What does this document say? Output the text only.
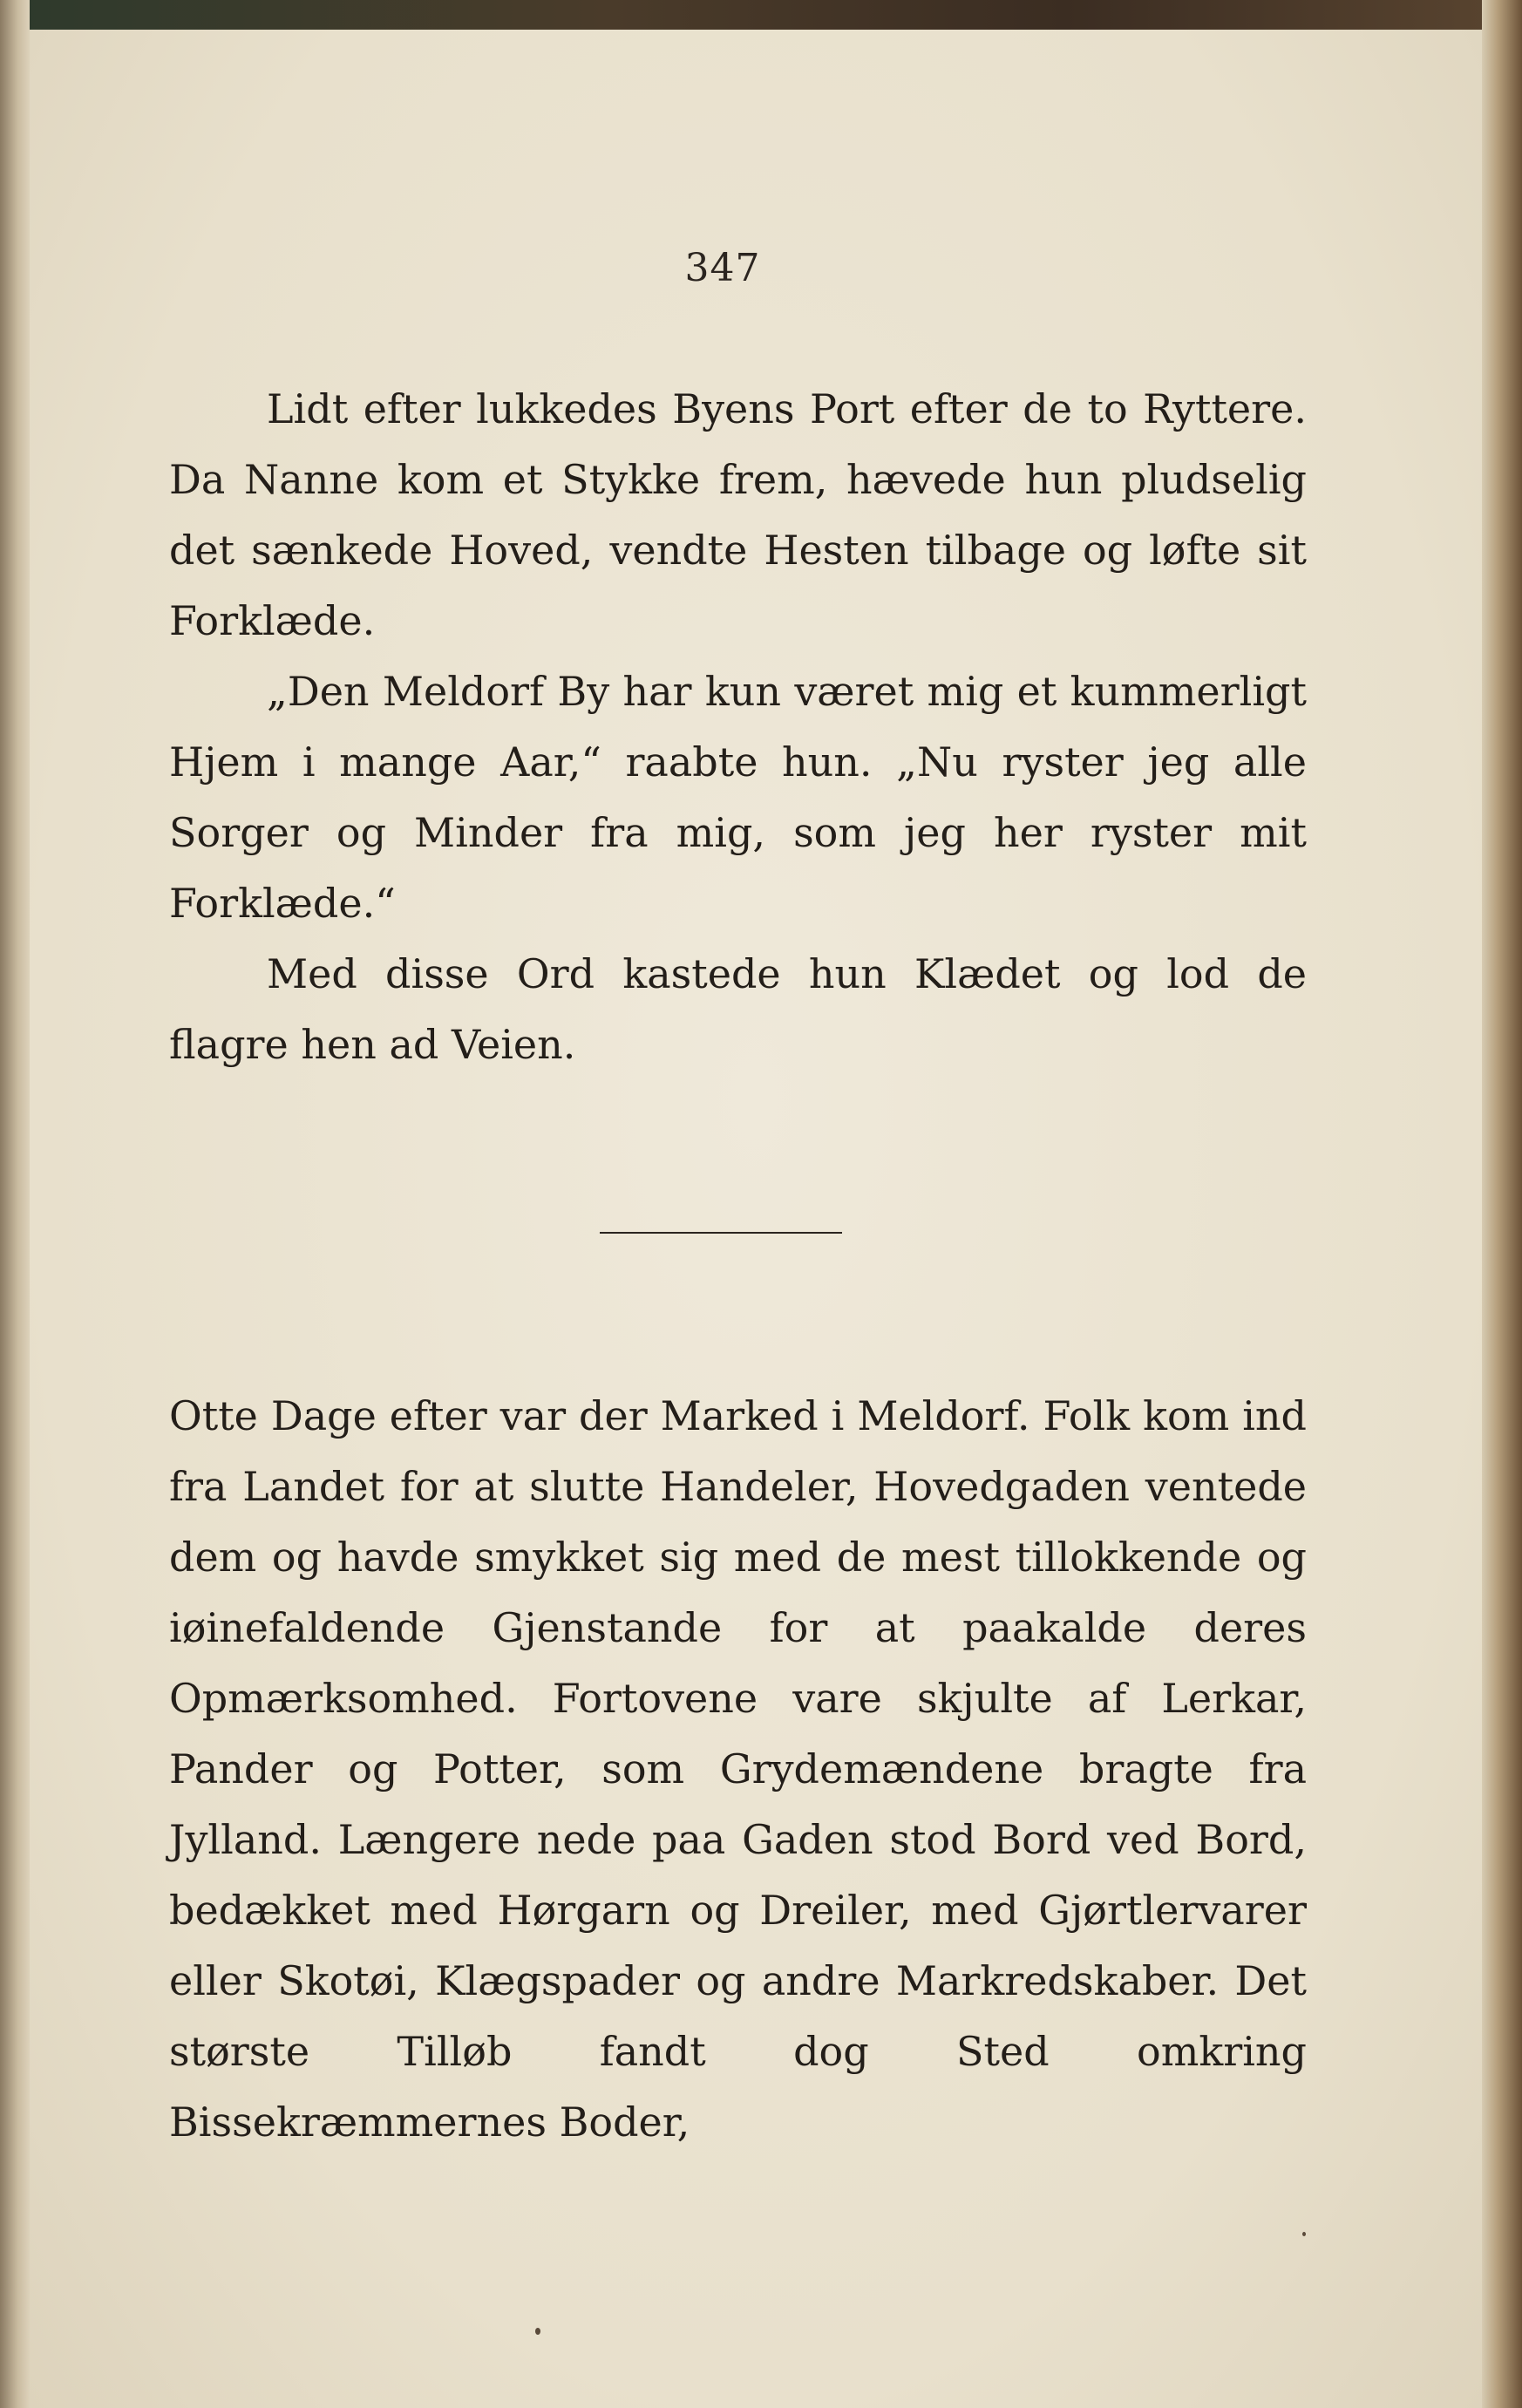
347

Lidt efter lukkedes Byens Port efter de to Ryttere. Da Nanne kom et Stykke frem, hævede hun pludselig det sænkede Hoved, vendte Hesten tilbage og løfte sit Forklæde.

„Den Meldorf By har kun været mig et kummerligt Hjem i mange Aar,“ raabte hun. „Nu ryster jeg alle Sorger og Minder fra mig, som jeg her ryster mit Forklæde.“

Med disse Ord kastede hun Klædet og lod de flagre hen ad Veien.

Otte Dage efter var der Marked i Meldorf. Folk kom ind fra Landet for at slutte Handeler, Hovedgaden ventede dem og havde smykket sig med de mest tillokkende og iøinefaldende Gjenstande for at paakalde deres Opmærksomhed. Fortovene vare skjulte af Lerkar, Pander og Potter, som Grydemændene bragte fra Jylland. Længere nede paa Gaden stod Bord ved Bord, bedækket med Hørgarn og Dreiler, med Gjørtlervarer eller Skotøi, Klægspader og andre Markredskaber. Det største Tilløb fandt dog Sted omkring Bissekræmmernes Boder,
